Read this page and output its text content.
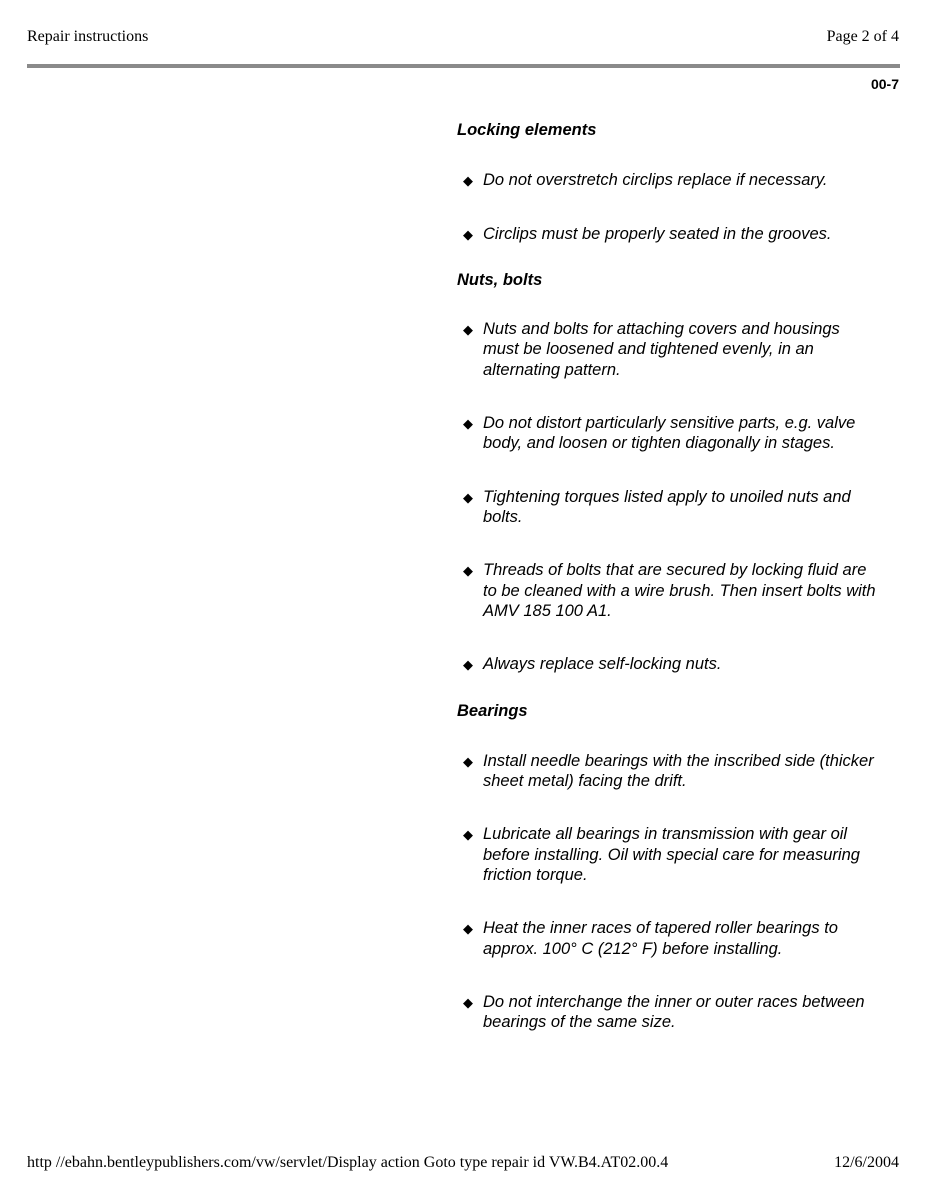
Repair instructions	Page 2 of 4
00-7

Locking elements

◆ Do not overstretch circlips replace if necessary.
◆ Circlips must be properly seated in the grooves.

Nuts, bolts

◆ Nuts and bolts for attaching covers and housings must be loosened and tightened evenly, in an alternating pattern.
◆ Do not distort particularly sensitive parts, e.g. valve body, and loosen or tighten diagonally in stages.
◆ Tightening torques listed apply to unoiled nuts and bolts.
◆ Threads of bolts that are secured by locking fluid are to be cleaned with a wire brush. Then insert bolts with AMV 185 100 A1.
◆ Always replace self-locking nuts.

Bearings

◆ Install needle bearings with the inscribed side (thicker sheet metal) facing the drift.
◆ Lubricate all bearings in transmission with gear oil before installing. Oil with special care for measuring friction torque.
◆ Heat the inner races of tapered roller bearings to approx. 100° C (212° F) before installing.
◆ Do not interchange the inner or outer races between bearings of the same size.
http //ebahn.bentleypublishers.com/vw/servlet/Display action Goto type repair id VW.B4.AT02.00.4	12/6/2004
